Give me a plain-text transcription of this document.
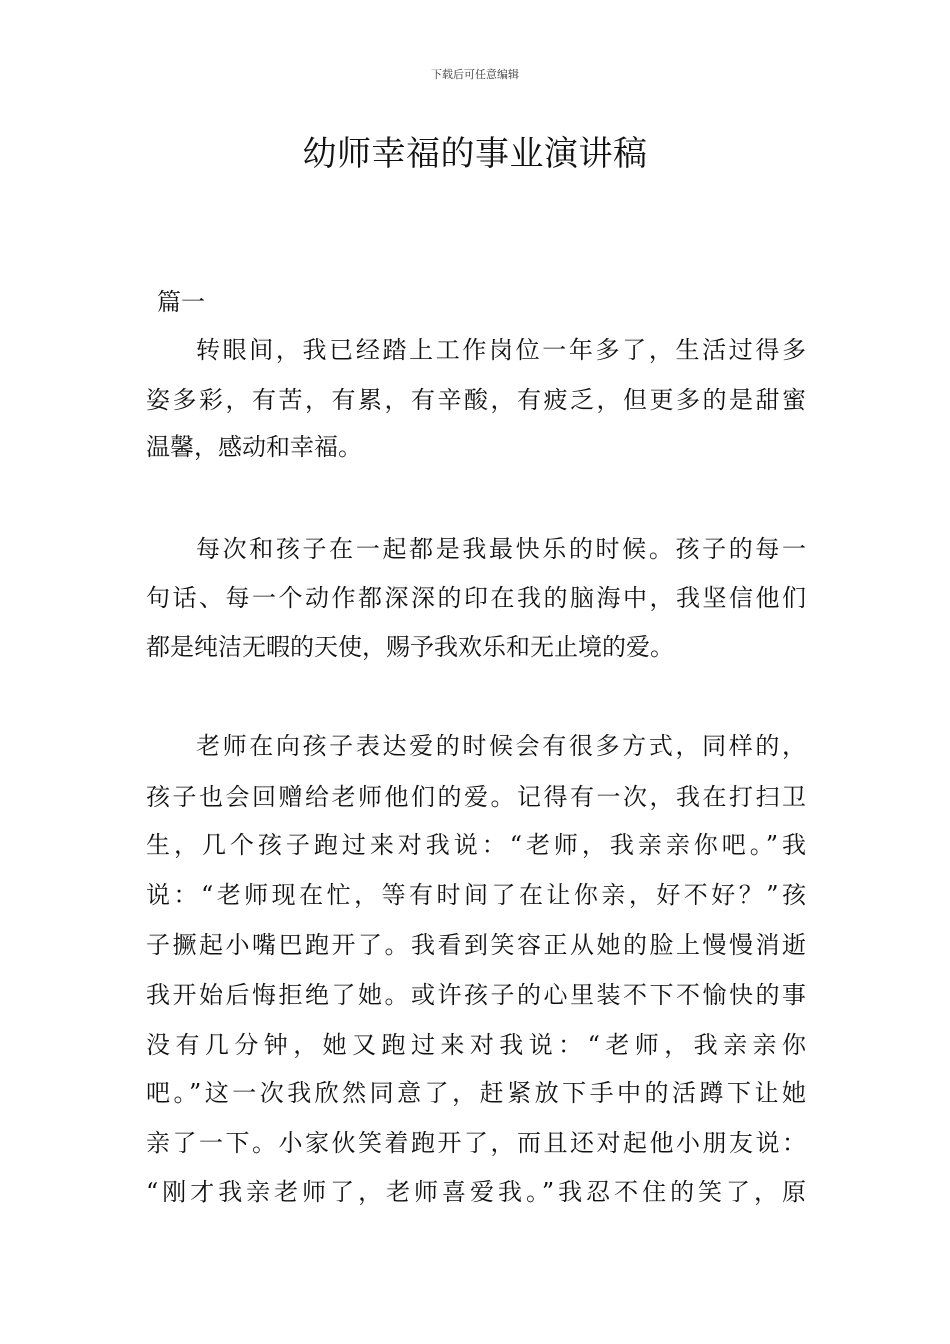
下载后可任意编辑
幼师幸福的事业演讲稿
篇一
转眼间，我已经踏上工作岗位一年多了，生活过得多
姿多彩，有苦，有累，有辛酸，有疲乏，但更多的是甜蜜
温馨，感动和幸福。
每次和孩子在一起都是我最快乐的时候。孩子的每一
句话、每一个动作都深深的印在我的脑海中，我坚信他们
都是纯洁无暇的天使，赐予我欢乐和无止境的爱。
老师在向孩子表达爱的时候会有很多方式，同样的，
孩子也会回赠给老师他们的爱。记得有一次，我在打扫卫
生，几个孩子跑过来对我说：“老师，我亲亲你吧。”我
说：“老师现在忙，等有时间了在让你亲，好不好？”孩
子撅起小嘴巴跑开了。我看到笑容正从她的脸上慢慢消逝
我开始后悔拒绝了她。或许孩子的心里装不下不愉快的事
没有几分钟，她又跑过来对我说：“老师，我亲亲你
吧。”这一次我欣然同意了，赶紧放下手中的活蹲下让她
亲了一下。小家伙笑着跑开了，而且还对起他小朋友说：
“刚才我亲老师了，老师喜爱我。”我忍不住的笑了，原
